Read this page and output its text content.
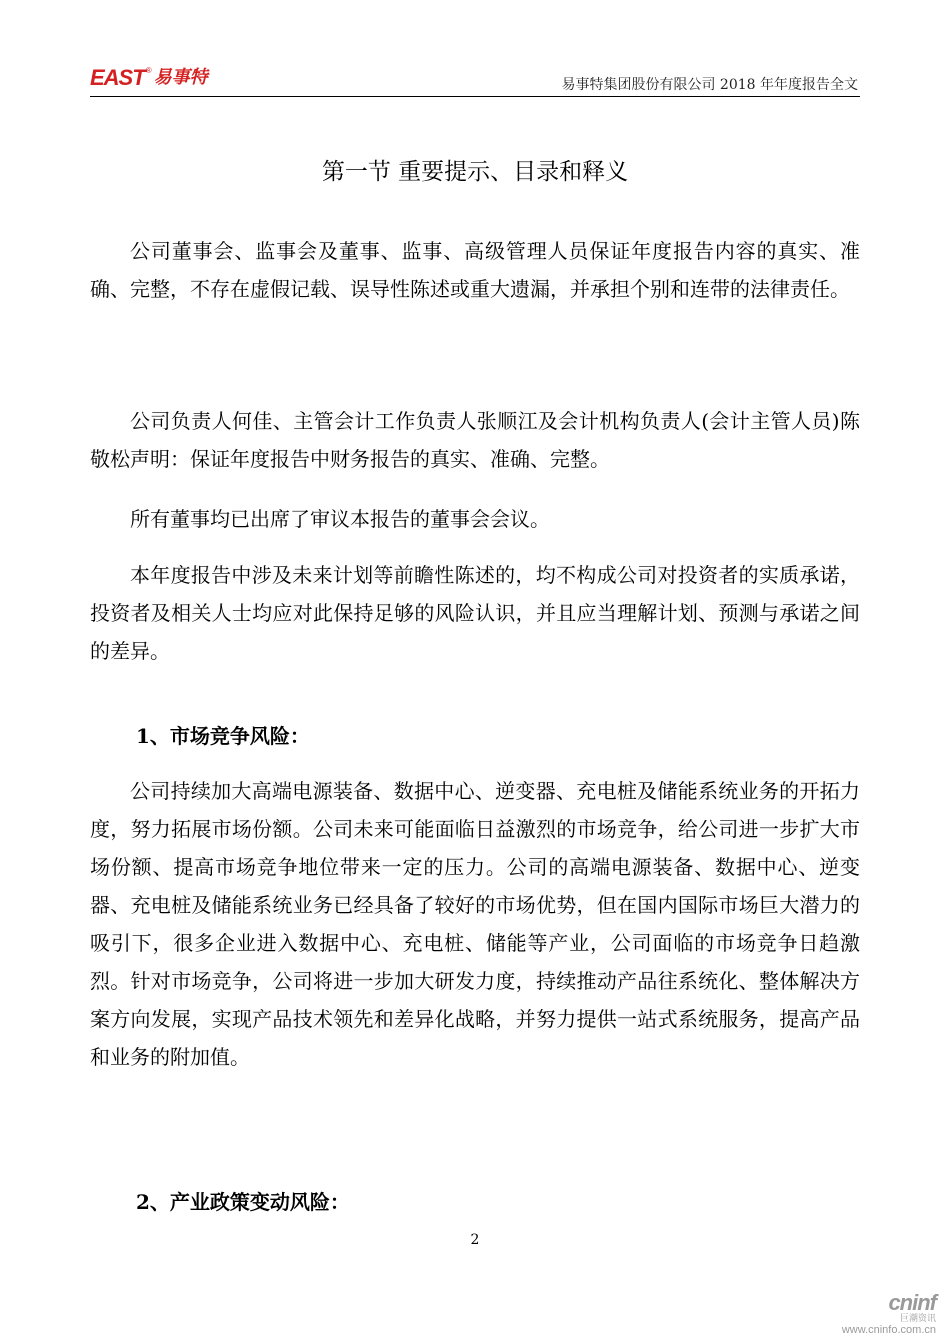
EAST ® 易事特	易事特集团股份有限公司 2018 年年度报告全文
第一节 重要提示、目录和释义
公司董事会、监事会及董事、监事、高级管理人员保证年度报告内容的真实、准确、完整，不存在虚假记载、误导性陈述或重大遗漏，并承担个别和连带的法律责任。
公司负责人何佳、主管会计工作负责人张顺江及会计机构负责人(会计主管人员)陈敬松声明：保证年度报告中财务报告的真实、准确、完整。
所有董事均已出席了审议本报告的董事会会议。
本年度报告中涉及未来计划等前瞻性陈述的，均不构成公司对投资者的实质承诺，投资者及相关人士均应对此保持足够的风险认识，并且应当理解计划、预测与承诺之间的差异。
1、市场竞争风险：
公司持续加大高端电源装备、数据中心、逆变器、充电桩及储能系统业务的开拓力度，努力拓展市场份额。公司未来可能面临日益激烈的市场竞争，给公司进一步扩大市场份额、提高市场竞争地位带来一定的压力。公司的高端电源装备、数据中心、逆变器、充电桩及储能系统业务已经具备了较好的市场优势，但在国内国际市场巨大潜力的吸引下，很多企业进入数据中心、充电桩、储能等产业，公司面临的市场竞争日趋激烈。针对市场竞争，公司将进一步加大研发力度，持续推动产品往系统化、整体解决方案方向发展，实现产品技术领先和差异化战略，并努力提供一站式系统服务，提高产品和业务的附加值。
2、产业政策变动风险：
2
cninf
巨潮资讯
www.cninfo.com.cn
